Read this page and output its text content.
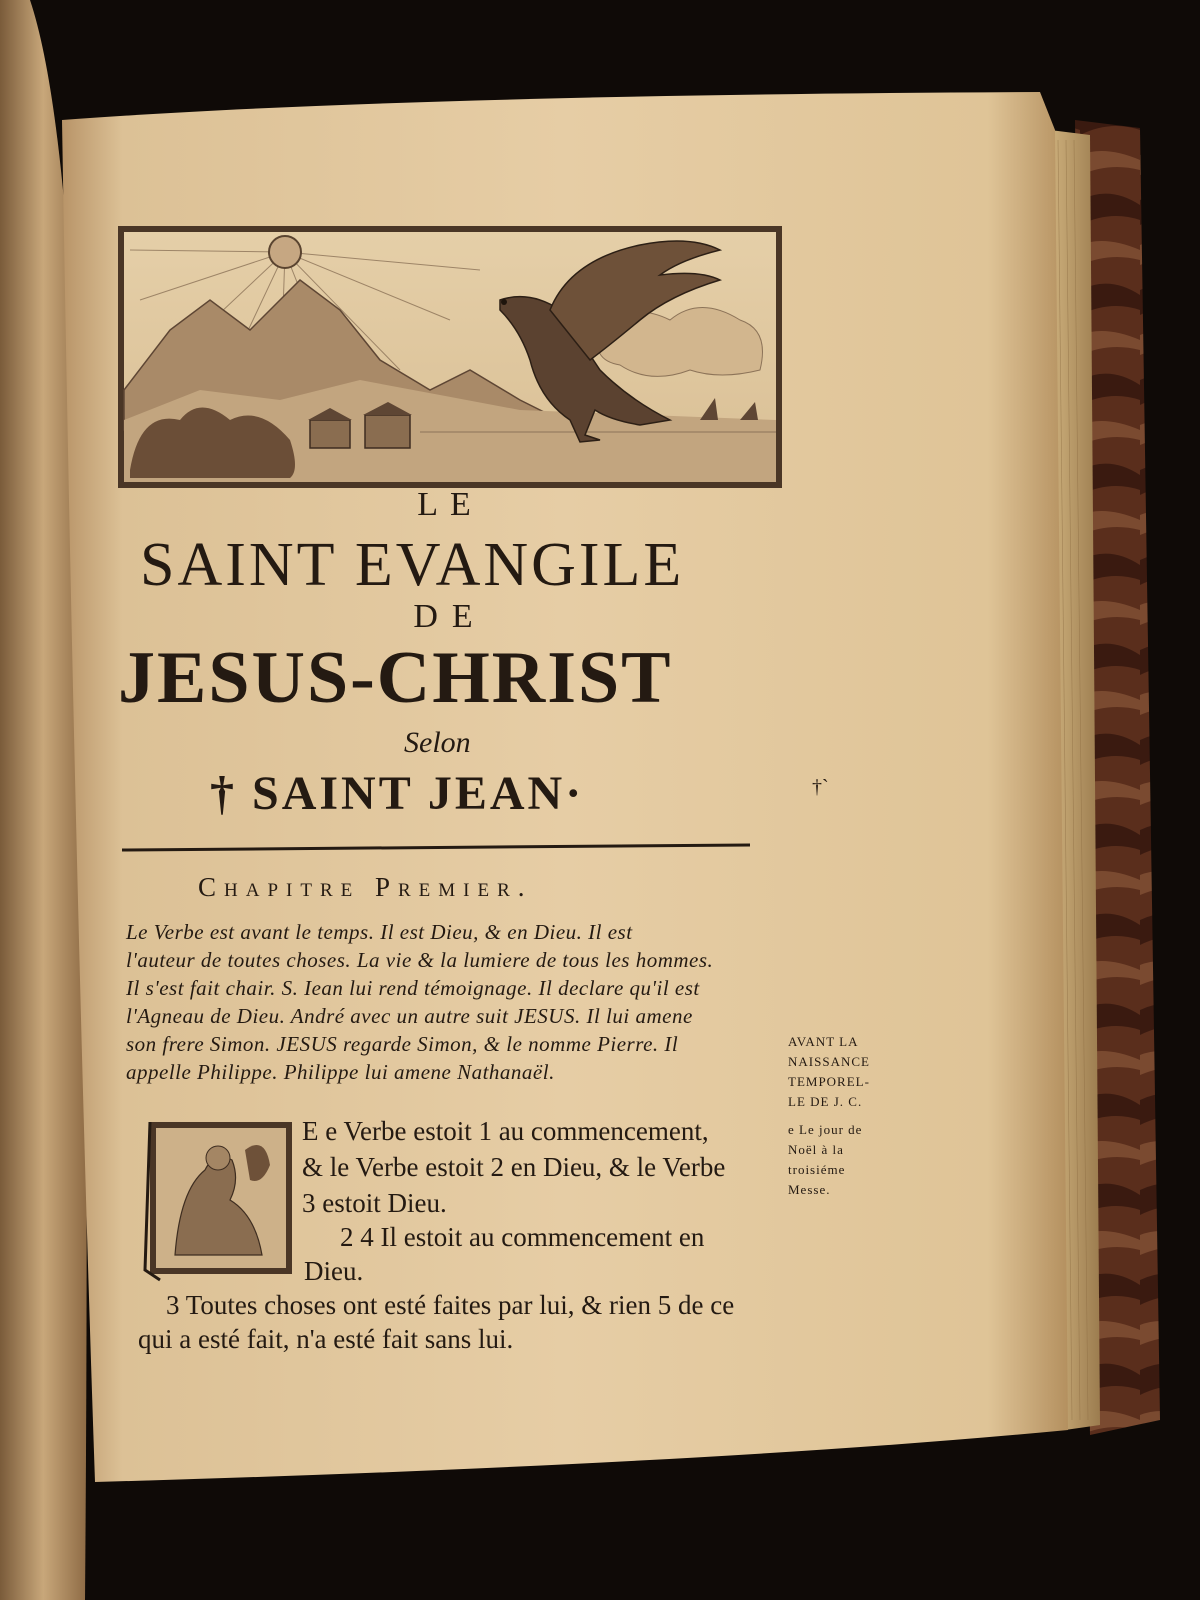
LE
SAINT EVANGILE
DE
JESUS-CHRIST
Selon
† SAINT JEAN·	†`
Chapitre Premier.
Le Verbe est avant le temps. Il est Dieu, & en Dieu. Il est
l'auteur de toutes choses. La vie & la lumiere de tous les hommes.
Il s'est fait chair. S. Iean lui rend témoignage. Il declare qu'il est
l'Agneau de Dieu. André avec un autre suit JESUS. Il lui amene
son frere Simon. JESUS regarde Simon, & le nomme Pierre. Il
appelle Philippe. Philippe lui amene Nathanaël.
AVANT LA
NAISSANCE
TEMPOREL-
LE DE J. C.
e Le jour de
Noël à la
troisiéme
Messe.
E e Verbe estoit 1 au commencement,
& le Verbe estoit 2 en Dieu, & le Verbe
3 estoit Dieu.
2 4 Il estoit au commencement en
Dieu.
3 Toutes choses ont esté faites par lui, & rien 5 de ce
qui a esté fait, n'a esté fait sans lui.
